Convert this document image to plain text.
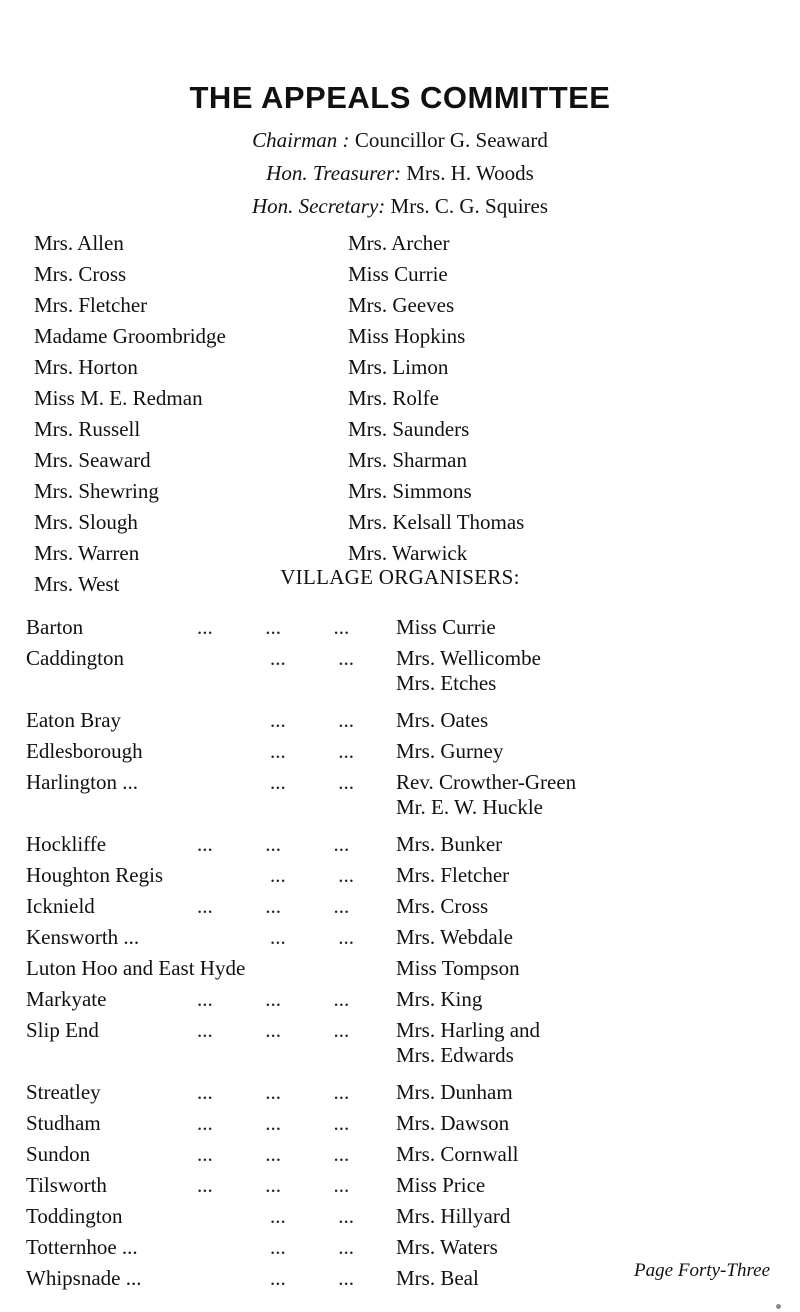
THE APPEALS COMMITTEE

Chairman : Councillor G. Seaward

Hon. Treasurer: Mrs. H. Woods

Hon. Secretary: Mrs. C. G. Squires

Mrs. Allen

Mrs. Cross

Mrs. Fletcher

Madame Groombridge

Mrs. Horton

Miss M. E. Redman

Mrs. Russell

Mrs. Seaward

Mrs. Shewring

Mrs. Slough

Mrs. Warren

Mrs. West

Mrs. Archer

Miss Currie

Mrs. Geeves

Miss Hopkins

Mrs. Limon

Mrs. Rolfe

Mrs. Saunders

Mrs. Sharman

Mrs. Simmons

Mrs. Kelsall Thomas

Mrs. Warwick

VILLAGE ORGANISERS:

Barton	...          ...          ... Miss Currie
Caddington	...          ... Mrs. Wellicombe
Mrs. Etches
Eaton Bray	...          ... Mrs. Oates
Edlesborough	...          ... Mrs. Gurney
Harlington ...	...          ... Rev. Crowther-Green
Mr. E. W. Huckle
Hockliffe	...          ...          ... Mrs. Bunker
Houghton Regis	...          ... Mrs. Fletcher
Icknield	...          ...          ... Mrs. Cross
Kensworth ...	...          ... Mrs. Webdale
Luton Hoo and East Hyde	Miss Tompson
Markyate	...          ...          ... Mrs. King
Slip End	...          ...          ... Mrs. Harling and
Mrs. Edwards
Streatley	...          ...          ... Mrs. Dunham
Studham	...          ...          ... Mrs. Dawson
Sundon	...          ...          ... Mrs. Cornwall
Tilsworth	...          ...          ... Miss Price
Toddington	...          ... Mrs. Hillyard
Totternhoe ...	...          ... Mrs. Waters
Whipsnade ...	...          ... Mrs. Beal	Page Forty-Three
